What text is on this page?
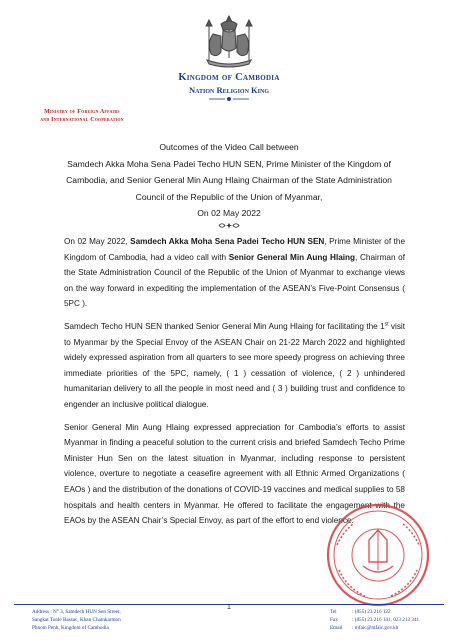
Kingdom of Cambodia
Nation Religion King
Ministry of Foreign Affairs
and International Cooperation
Outcomes of the Video Call between
Samdech Akka Moha Sena Padei Techo HUN SEN, Prime Minister of the Kingdom of
Cambodia, and Senior General Min Aung Hlaing Chairman of the State Administration
Council of the Republic of the Union of Myanmar,
On 02 May 2022

On 02 May 2022, Samdech Akka Moha Sena Padei Techo HUN SEN, Prime Minister of the Kingdom of Cambodia, had a video call with Senior General Min Aung Hlaing, Chairman of the State Administration Council of the Republic of the Union of Myanmar to exchange views on the way forward in expediting the implementation of the ASEAN’s Five-Point Consensus ( 5PC ).

Samdech Techo HUN SEN thanked Senior General Min Aung Hlaing for facilitating the 1st visit to Myanmar by the Special Envoy of the ASEAN Chair on 21-22 March 2022 and highlighted widely expressed aspiration from all quarters to see more speedy progress on achieving three immediate priorities of the 5PC, namely, ( 1 ) cessation of violence, ( 2 ) unhindered humanitarian delivery to all the people in most need and ( 3 ) building trust and confidence to engender an inclusive political dialogue.

Senior General Min Aung Hlaing expressed appreciation for Cambodia’s efforts to assist Myanmar in finding a peaceful solution to the current crisis and briefed Samdech Techo Prime Minister Hun Sen on the latest situation in Myanmar, including response to persistent violence, overture to negotiate a ceasefire agreement with all Ethnic Armed Organizations ( EAOs ) and the distribution of the donations of COVID-19 vaccines and medical supplies to 58 hospitals and health centers in Myanmar. He offered to facilitate the engagement with the EAOs by the ASEAN Chair’s Special Envoy, as part of the effort to end violence.

Address : N° 3, Samdech HUN Sen Street,
Sangkat Tonle Bassac, Khan Chamkarmon
Phnom Penh, Kingdom of Cambodia
1
Tel	: (855) 23 216 122
Fax	: (855) 23 216 141, 023 213 341
Email : mfaic@mfaic.gov.kh
